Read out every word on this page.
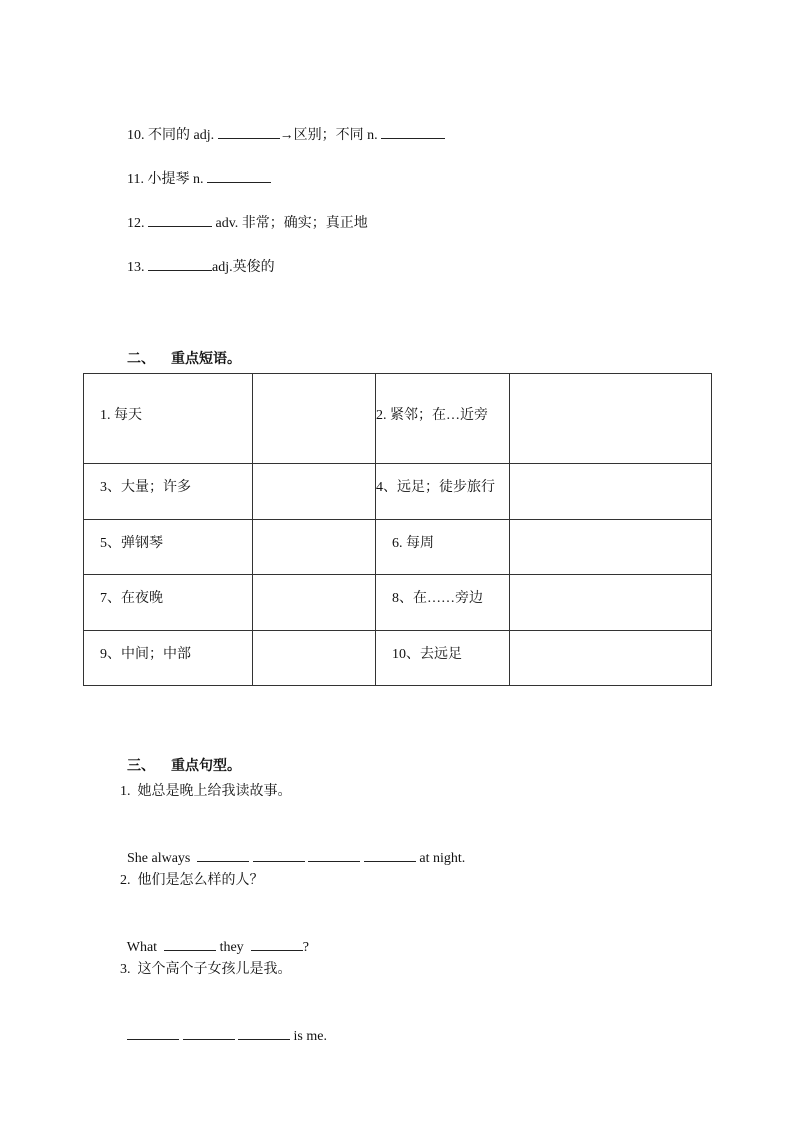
10. 不同的 adj.	→区别；不同 n.

11. 小提琴 n.

12.	adv. 非常；确实；真正地

13.	adj.英俊的

二、 重点短语。

1. 每天		2. 紧邻；在…近旁	
3、大量；许多		4、远足；徒步旅行	
5、弹钢琴		6. 每周	
7、在夜晚		8、在……旁边	
9、中间；中部		10、去远足	

三、 重点句型。

1.  她总是晚上给我读故事。

She always	at night.

2.  他们是怎么样的人？

What	they	?

3.  这个高个子女孩儿是我。

is me.
